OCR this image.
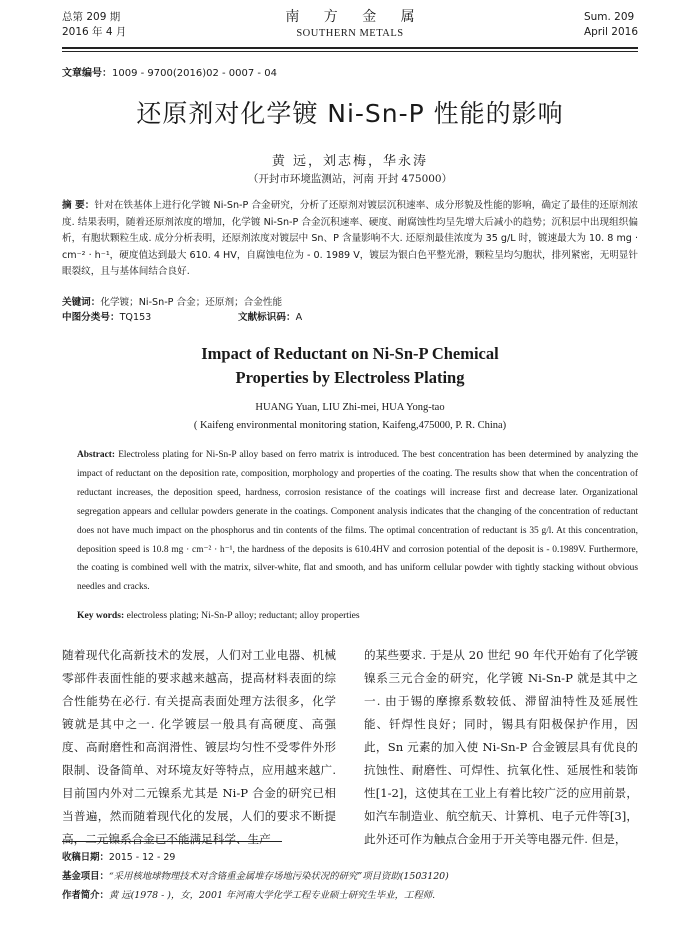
总第 209 期
2016 年 4 月
南 方 金 属
SOUTHERN METALS
Sum. 209
April 2016
文章编号：1009 - 9700(2016)02 - 0007 - 04
还原剂对化学镀 Ni-Sn-P 性能的影响
黄 远，刘志梅，华永涛
（开封市环境监测站，河南 开封 475000）
摘 要：针对在铁基体上进行化学镀 Ni-Sn-P 合金研究，分析了还原剂对镀层沉积速率、成分形貌及性能的影响，确定了最佳的还原剂浓度. 结果表明，随着还原剂浓度的增加，化学镀 Ni-Sn-P 合金沉积速率、硬度、耐腐蚀性均呈先增大后减小的趋势；沉积层中出现组织偏析，有胞状颗粒生成. 成分分析表明，还原剂浓度对镀层中 Sn、P 含量影响不大. 还原剂最佳浓度为 35 g/L 时，镀速最大为 10. 8 mg · cm⁻² · h⁻¹，硬度值达到最大 610. 4 HV，自腐蚀电位为 - 0. 1989 V，镀层为银白色平整光滑，颗粒呈均匀胞状，排列紧密，无明显针眼裂纹，且与基体间结合良好.
关键词：化学镀；Ni-Sn-P 合金；还原剂；合金性能
中图分类号：TQ153	文献标识码：A
Impact of Reductant on Ni-Sn-P Chemical
Properties by Electroless Plating
HUANG Yuan, LIU Zhi-mei, HUA Yong-tao
( Kaifeng environmental monitoring station, Kaifeng,475000, P. R. China)
Abstract: Electroless plating for Ni-Sn-P alloy based on ferro matrix is introduced. The best concentration has been determined by analyzing the impact of reductant on the deposition rate, composition, morphology and properties of the coating. The results show that when the concentration of reductant increases, the deposition speed, hardness, corrosion resistance of the coatings will increase first and decrease later. Organizational segregation appears and cellular powders generate in the coatings. Component analysis indicates that the changing of the concentration of reductant does not have much impact on the phosphorus and tin contents of the films. The optimal concentration of reductant is 35 g/l. At this concentration, deposition speed is 10.8 mg · cm⁻² · h⁻¹, the hardness of the deposits is 610.4HV and corrosion potential of the deposit is - 0.1989V. Furthermore, the coating is combined well with the matrix, silver-white, flat and smooth, and has uniform cellular powder with tightly stacking without obvious needles and cracks.
Key words: electroless plating; Ni-Sn-P alloy; reductant; alloy properties
随着现代化高新技术的发展，人们对工业电器、机械零部件表面性能的要求越来越高，提高材料表面的综合性能势在必行. 有关提高表面处理方法很多，化学镀就是其中之一. 化学镀层一般具有高硬度、高强度、高耐磨性和高润滑性、镀层均匀性不受零件外形限制、设备简单、对环境友好等特点，应用越来越广. 目前国内外对二元镍系尤其是 Ni-P 合金的研究已相当普遍，然而随着现代化的发展，人们的要求不断提高，二元镍系合金已不能满足科学、生产
的某些要求. 于是从 20 世纪 90 年代开始有了化学镀镍系三元合金的研究，化学镀 Ni-Sn-P 就是其中之一. 由于锡的摩擦系数较低、滞留油特性及延展性能、钎焊性良好；同时，锡具有阳极保护作用，因此，Sn 元素的加入使 Ni-Sn-P 合金镀层具有优良的抗蚀性、耐磨性、可焊性、抗氧化性、延展性和装饰性[1-2]，这使其在工业上有着比较广泛的应用前景，如汽车制造业、航空航天、计算机、电子元件等[3]，此外还可作为触点合金用于开关等电器元件. 但是，
收稿日期：2015 - 12 - 29
基金项目：“采用核地球物理技术对含铬重金属堆存场地污染状况的研究”项目资助(1503120)
作者简介：黄 远(1978 - )，女，2001 年河南大学化学工程专业硕士研究生毕业，工程师.
